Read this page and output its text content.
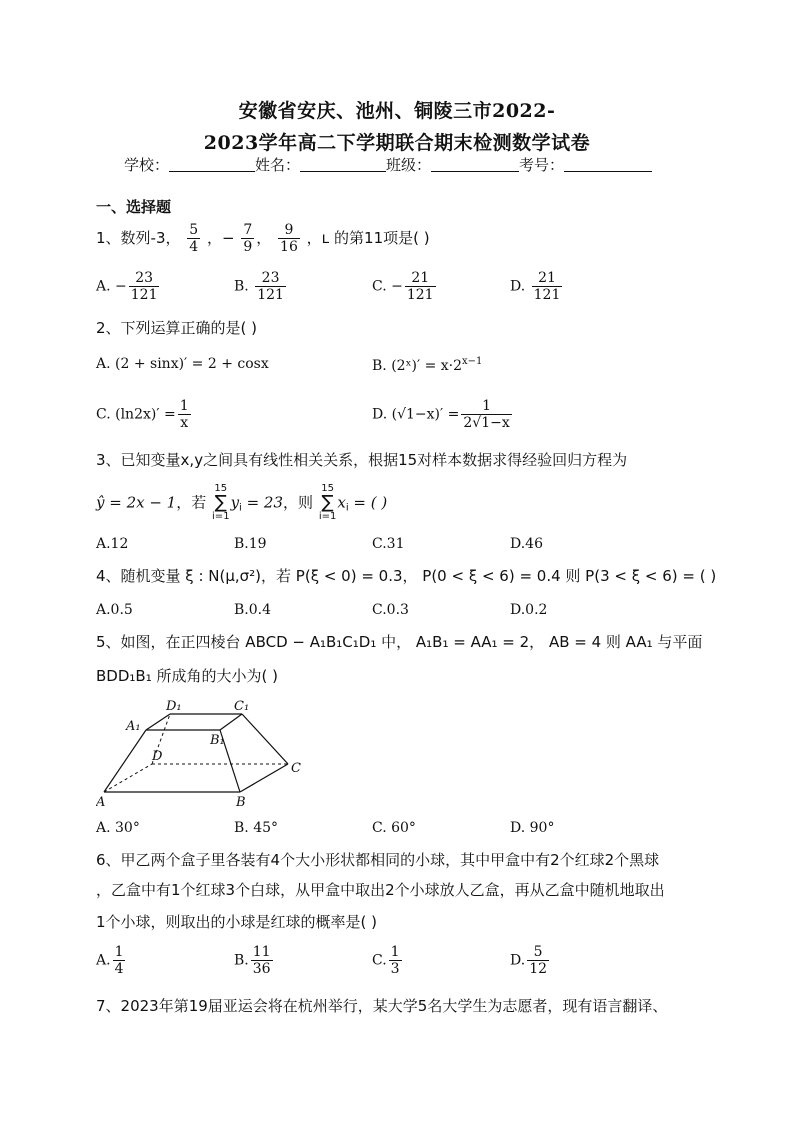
安徽省安庆、池州、铜陵三市2022-
2023学年高二下学期联合期末检测数学试卷
学校：	姓名：	班级：	考号：
一、选择题
1、数列-3， $\frac{5}{4}$ ，− $\frac{7}{9}$ ， $\frac{9}{16}$ ，ʟ 的第11项是( )
A. − $\frac{23}{121}$	B. $\frac{23}{121}$	C. − $\frac{21}{121}$	D. $\frac{21}{121}$
2、下列运算正确的是( )
A. (2 + sinx)′ = 2 + cosx	B. (2ˣ)′ = $x\cdot 2^{x-1}$
C. $(\ln 2x)' = \frac{1}{x}$	D. $(√1-x)' = \frac{1}{2√1-x}$
3、已知变量x,y之间具有线性相关关系，根据15对样本数据求得经验回归方程为
ŷ = 2x − 1，若
15
∑
i=1
$y_i = 23$，则
15
∑
i=1
$x_i$ = ( )
A.12	B.19	C.31	D.46
4、随机变量 ξ : N(μ,σ²)，若 P(ξ < 0) = 0.3， P(0 < ξ < 6) = 0.4 则 P(3 < ξ < 6) = ( )
A.0.5	B.0.4	C.0.3	D.0.2
5、如图，在正四棱台 ABCD − A₁B₁C₁D₁ 中， A₁B₁ = AA₁ = 2， AB = 4 则 AA₁ 与平面
BDD₁B₁ 所成角的大小为( )
A	B
C
D
A₁
B₁
C₁
D₁
A. 30°	B. 45°	C. 60°	D. 90°
6、甲乙两个盒子里各装有4个大小形状都相同的小球，其中甲盒中有2个红球2个黑球
，乙盒中有1个红球3个白球，从甲盒中取出2个小球放人乙盒，再从乙盒中随机地取出
1个小球，则取出的小球是红球的概率是( )
A. $\frac{1}{4}$	B. $\frac{11}{36}$	C. $\frac{1}{3}$	D. $\frac{5}{12}$
7、2023年第19届亚运会将在杭州举行，某大学5名大学生为志愿者，现有语言翻译、
